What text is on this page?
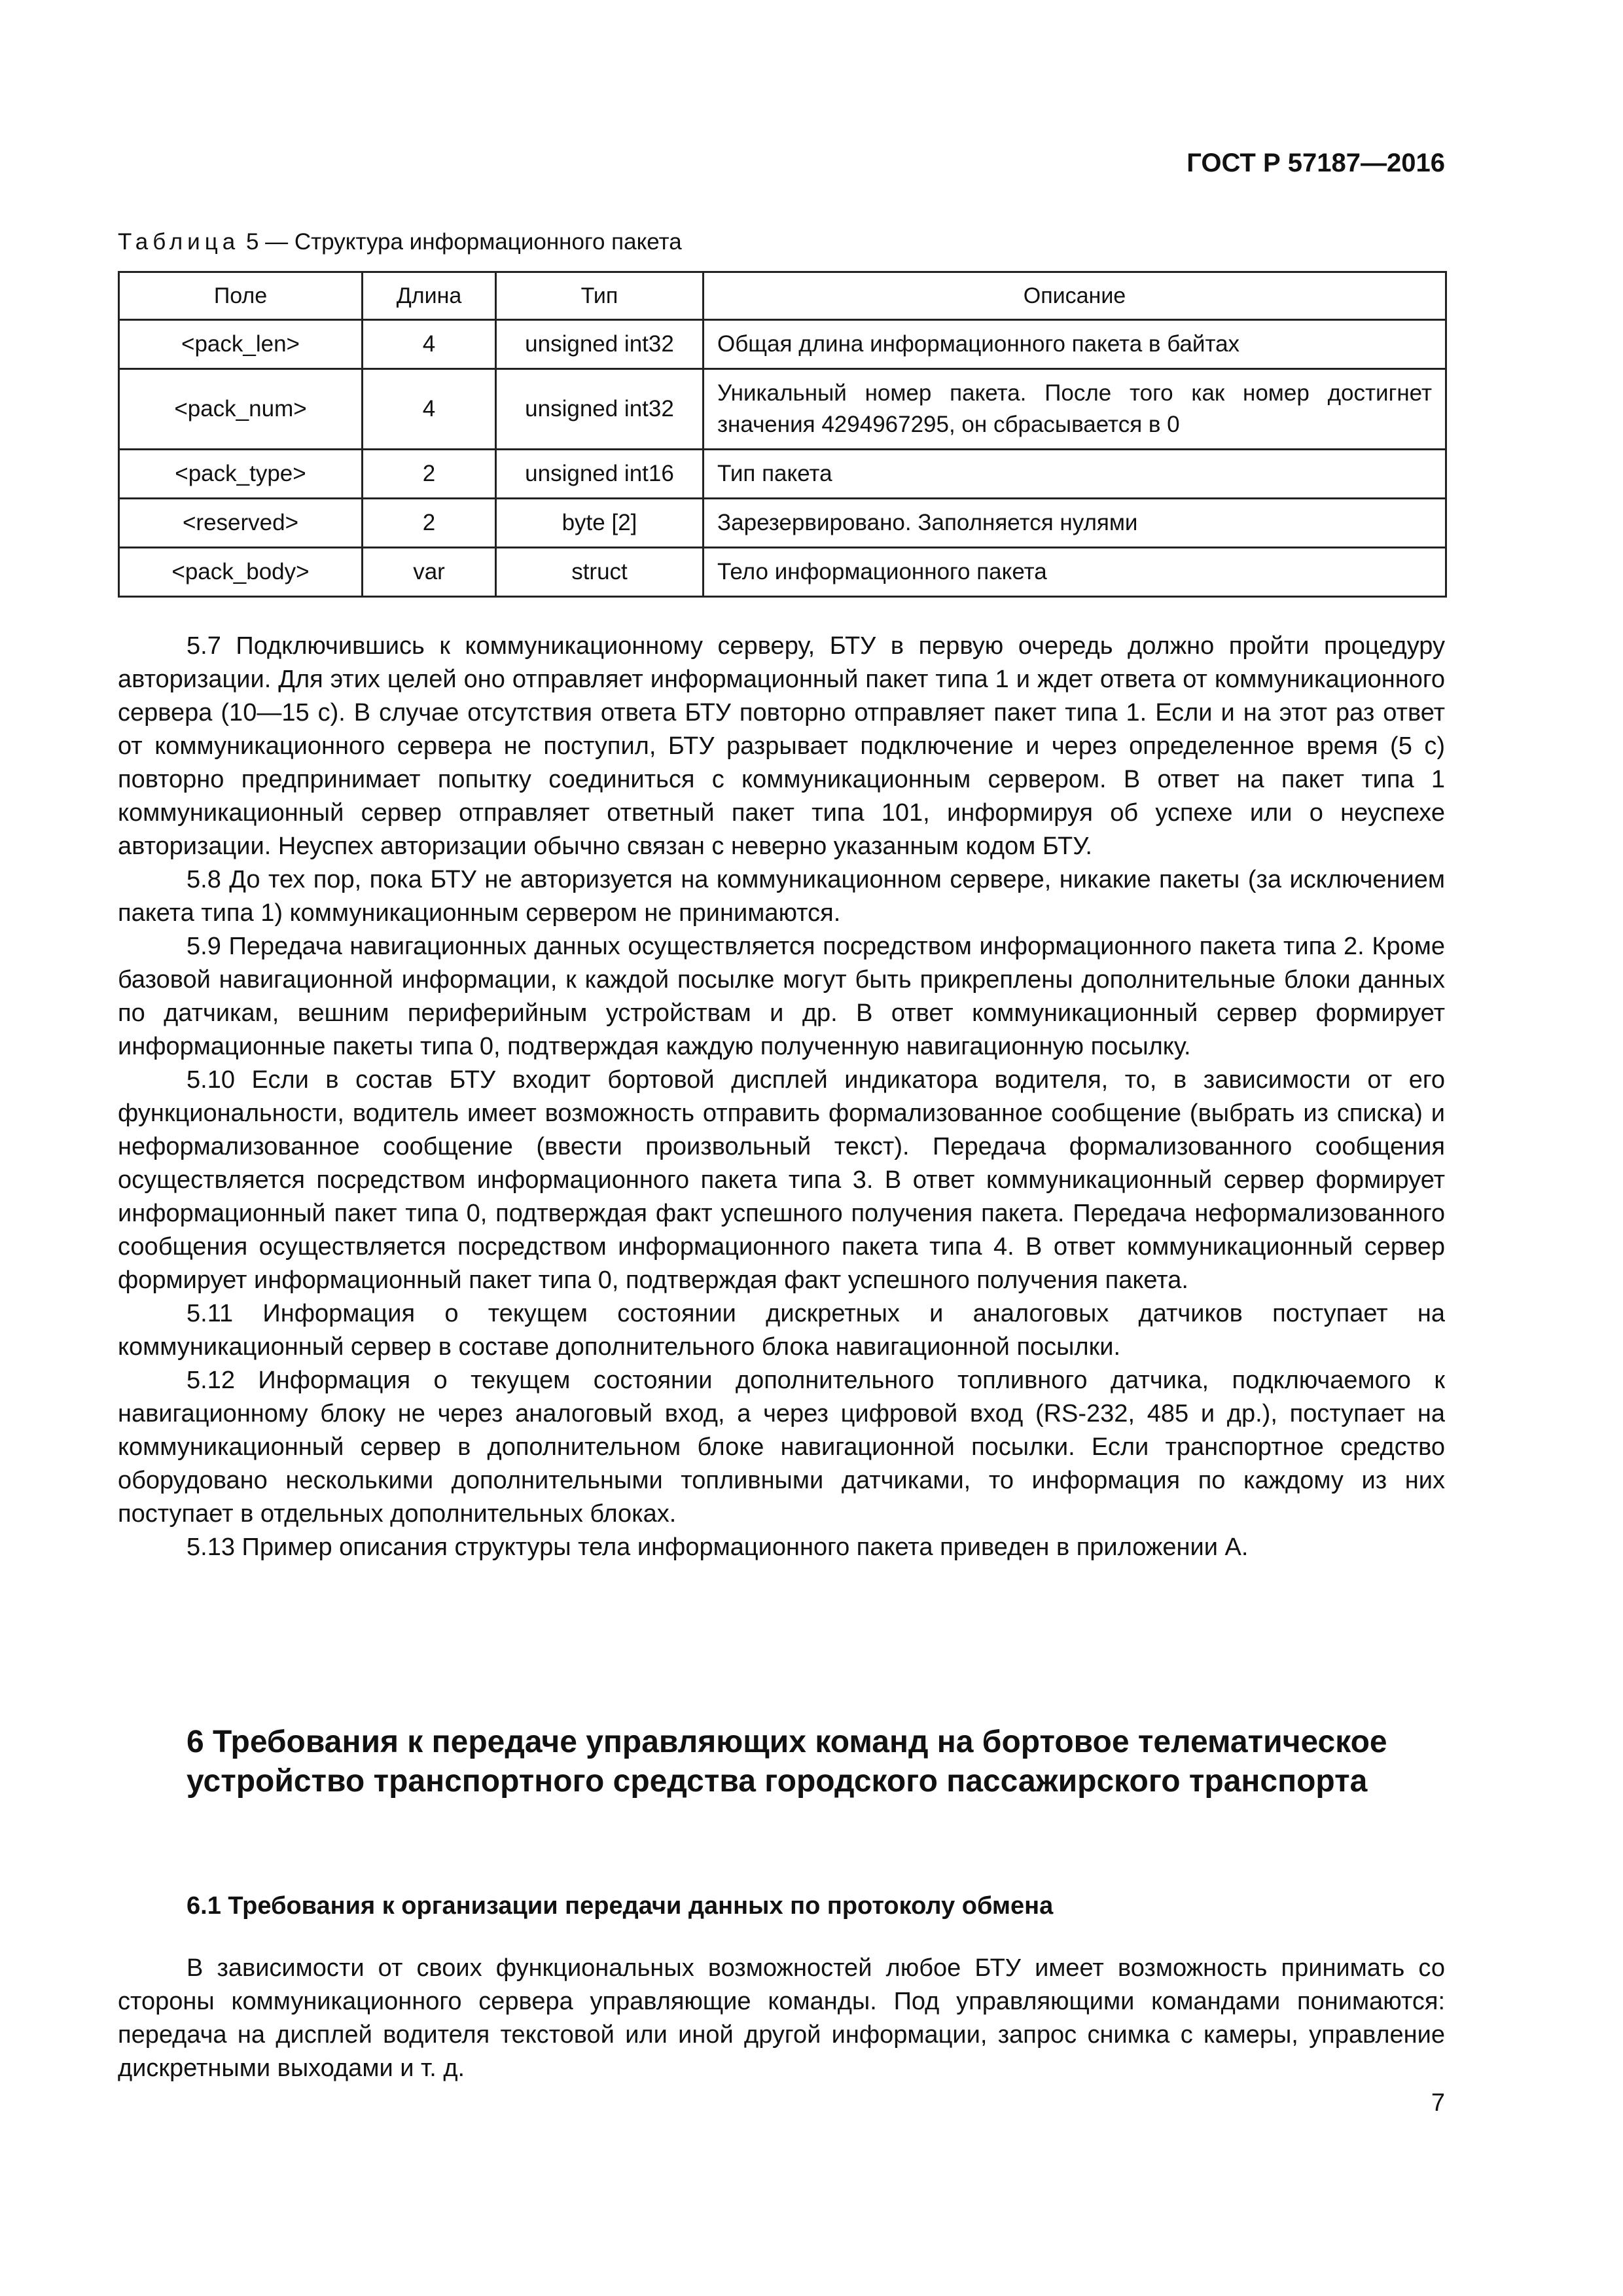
ГОСТ Р 57187—2016
Таблица 5 — Структура информационного пакета
Поле	Длина	Тип	Описание
<pack_len>	4	unsigned int32	Общая длина информационного пакета в байтах
<pack_num>	4	unsigned int32	Уникальный номер пакета. После того как номер достигнет значения 4294967295, он сбрасывается в 0
<pack_type>	2	unsigned int16	Тип пакета
<reserved>	2	byte [2]	Зарезервировано. Заполняется нулями
<pack_body>	var	struct	Тело информационного пакета

5.7 Подключившись к коммуникационному серверу, БТУ в первую очередь должно пройти процедуру авторизации. Для этих целей оно отправляет информационный пакет типа 1 и ждет ответа от коммуникационного сервера (10—15 с). В случае отсутствия ответа БТУ повторно отправляет пакет типа 1. Если и на этот раз ответ от коммуникационного сервера не поступил, БТУ разрывает подключение и через определенное время (5 с) повторно предпринимает попытку соединиться с коммуникационным сервером. В ответ на пакет типа 1 коммуникационный сервер отправляет ответный пакет типа 101, информируя об успехе или о неуспехе авторизации. Неуспех авторизации обычно связан с неверно указанным кодом БТУ.

5.8 До тех пор, пока БТУ не авторизуется на коммуникационном сервере, никакие пакеты (за исключением пакета типа 1) коммуникационным сервером не принимаются.

5.9 Передача навигационных данных осуществляется посредством информационного пакета типа 2. Кроме базовой навигационной информации, к каждой посылке могут быть прикреплены дополнительные блоки данных по датчикам, вешним периферийным устройствам и др. В ответ коммуникационный сервер формирует информационные пакеты типа 0, подтверждая каждую полученную навигационную посылку.

5.10 Если в состав БТУ входит бортовой дисплей индикатора водителя, то, в зависимости от его функциональности, водитель имеет возможность отправить формализованное сообщение (выбрать из списка) и неформализованное сообщение (ввести произвольный текст). Передача формализованного сообщения осуществляется посредством информационного пакета типа 3. В ответ коммуникационный сервер формирует информационный пакет типа 0, подтверждая факт успешного получения пакета. Передача неформализованного сообщения осуществляется посредством информационного пакета типа 4. В ответ коммуникационный сервер формирует информационный пакет типа 0, подтверждая факт успешного получения пакета.

5.11 Информация о текущем состоянии дискретных и аналоговых датчиков поступает на коммуникационный сервер в составе дополнительного блока навигационной посылки.

5.12 Информация о текущем состоянии дополнительного топливного датчика, подключаемого к навигационному блоку не через аналоговый вход, а через цифровой вход (RS-232, 485 и др.), поступает на коммуникационный сервер в дополнительном блоке навигационной посылки. Если транспортное средство оборудовано несколькими дополнительными топливными датчиками, то информация по каждому из них поступает в отдельных дополнительных блоках.

5.13 Пример описания структуры тела информационного пакета приведен в приложении А.

6 Требования к передаче управляющих команд на бортовое телематическое устройство транспортного средства городского пассажирского транспорта
6.1 Требования к организации передачи данных по протоколу обмена

В зависимости от своих функциональных возможностей любое БТУ имеет возможность принимать со стороны коммуникационного сервера управляющие команды. Под управляющими командами понимаются: передача на дисплей водителя текстовой или иной другой информации, запрос снимка с камеры, управление дискретными выходами и т. д.

7
